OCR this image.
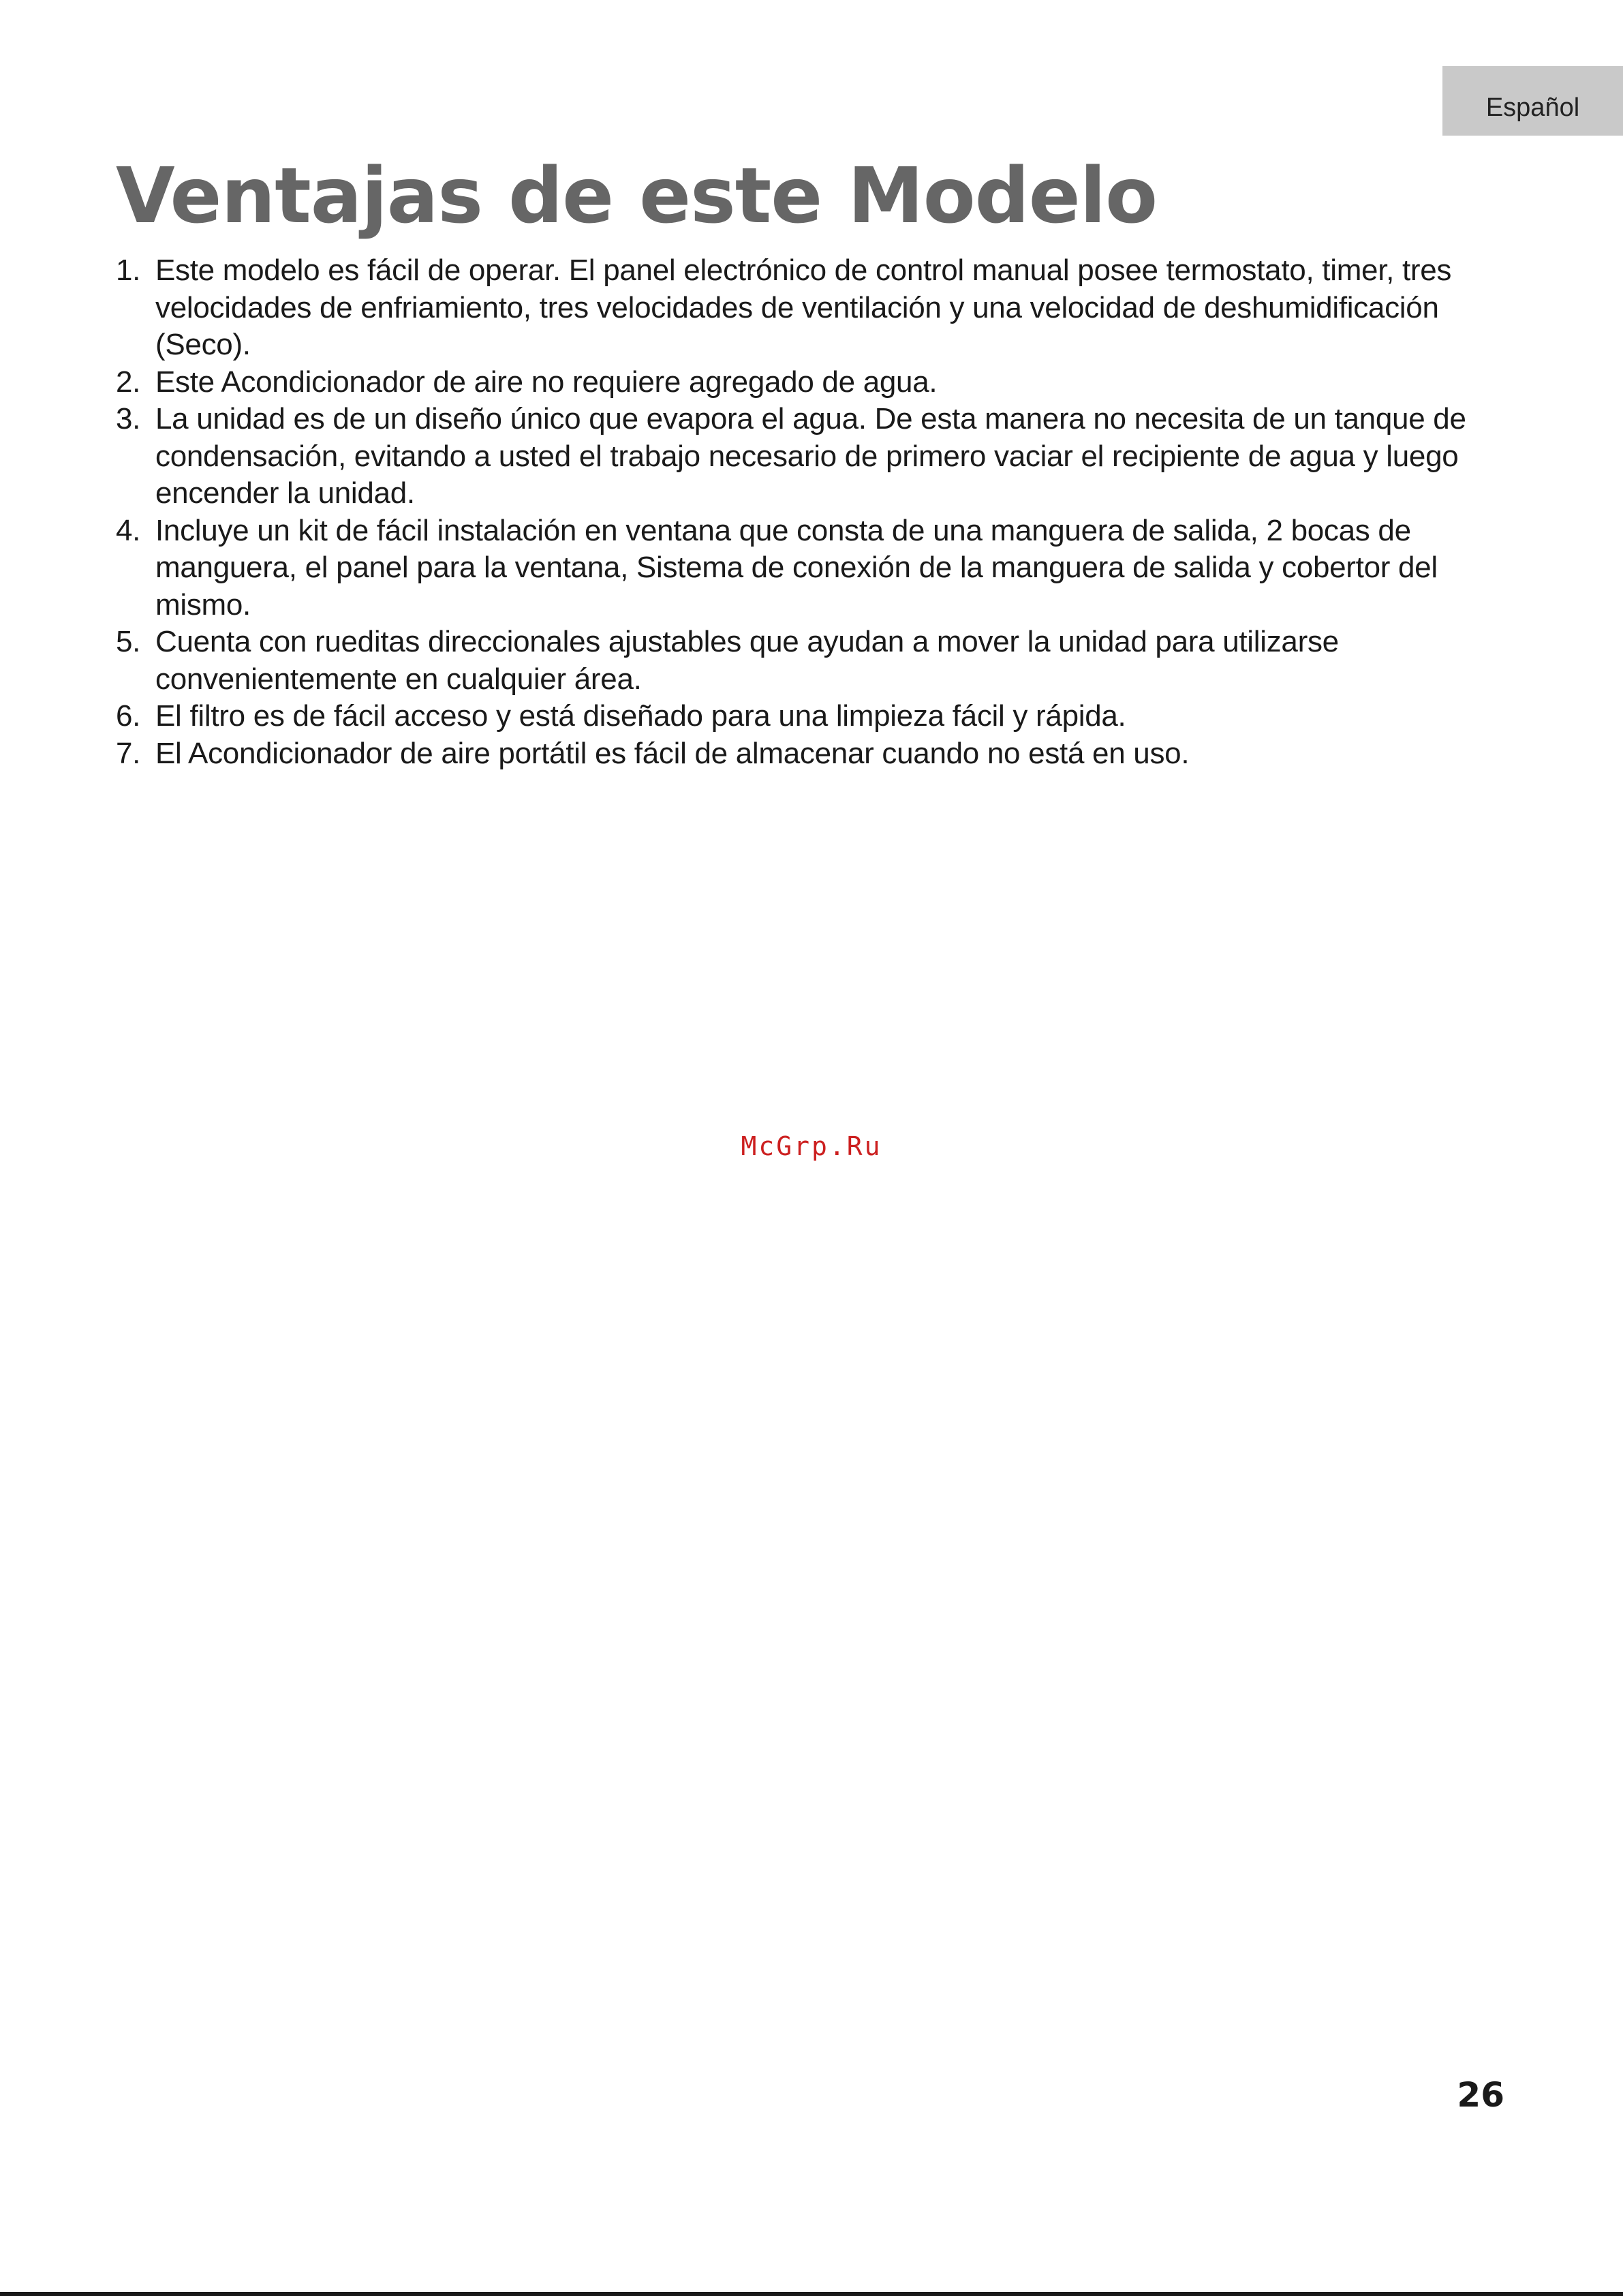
Español
Ventajas de este Modelo
1. Este modelo es fácil de operar. El panel electrónico de control manual posee termostato, timer, tres velocidades de enfriamiento, tres velocidades de ventilación y una velocidad de deshumidificación (Seco).
2. Este Acondicionador de aire no requiere agregado de agua.
3. La unidad es de un diseño único que evapora el agua. De esta manera no necesita de un tanque de condensación, evitando a usted el trabajo necesario de primero vaciar el recipiente de agua y luego encender la unidad.
4. Incluye un kit de fácil instalación en ventana que consta de una manguera de salida, 2 bocas de manguera, el panel para la ventana, Sistema de conexión de la manguera de salida y cobertor del mismo.
5. Cuenta con rueditas direccionales ajustables que ayudan a mover la unidad para utilizarse convenientemente en cualquier área.
6. El filtro es de fácil acceso y está diseñado para una limpieza fácil y rápida.
7. El Acondicionador de aire portátil es fácil de almacenar cuando no está en uso.
McGrp.Ru
26
